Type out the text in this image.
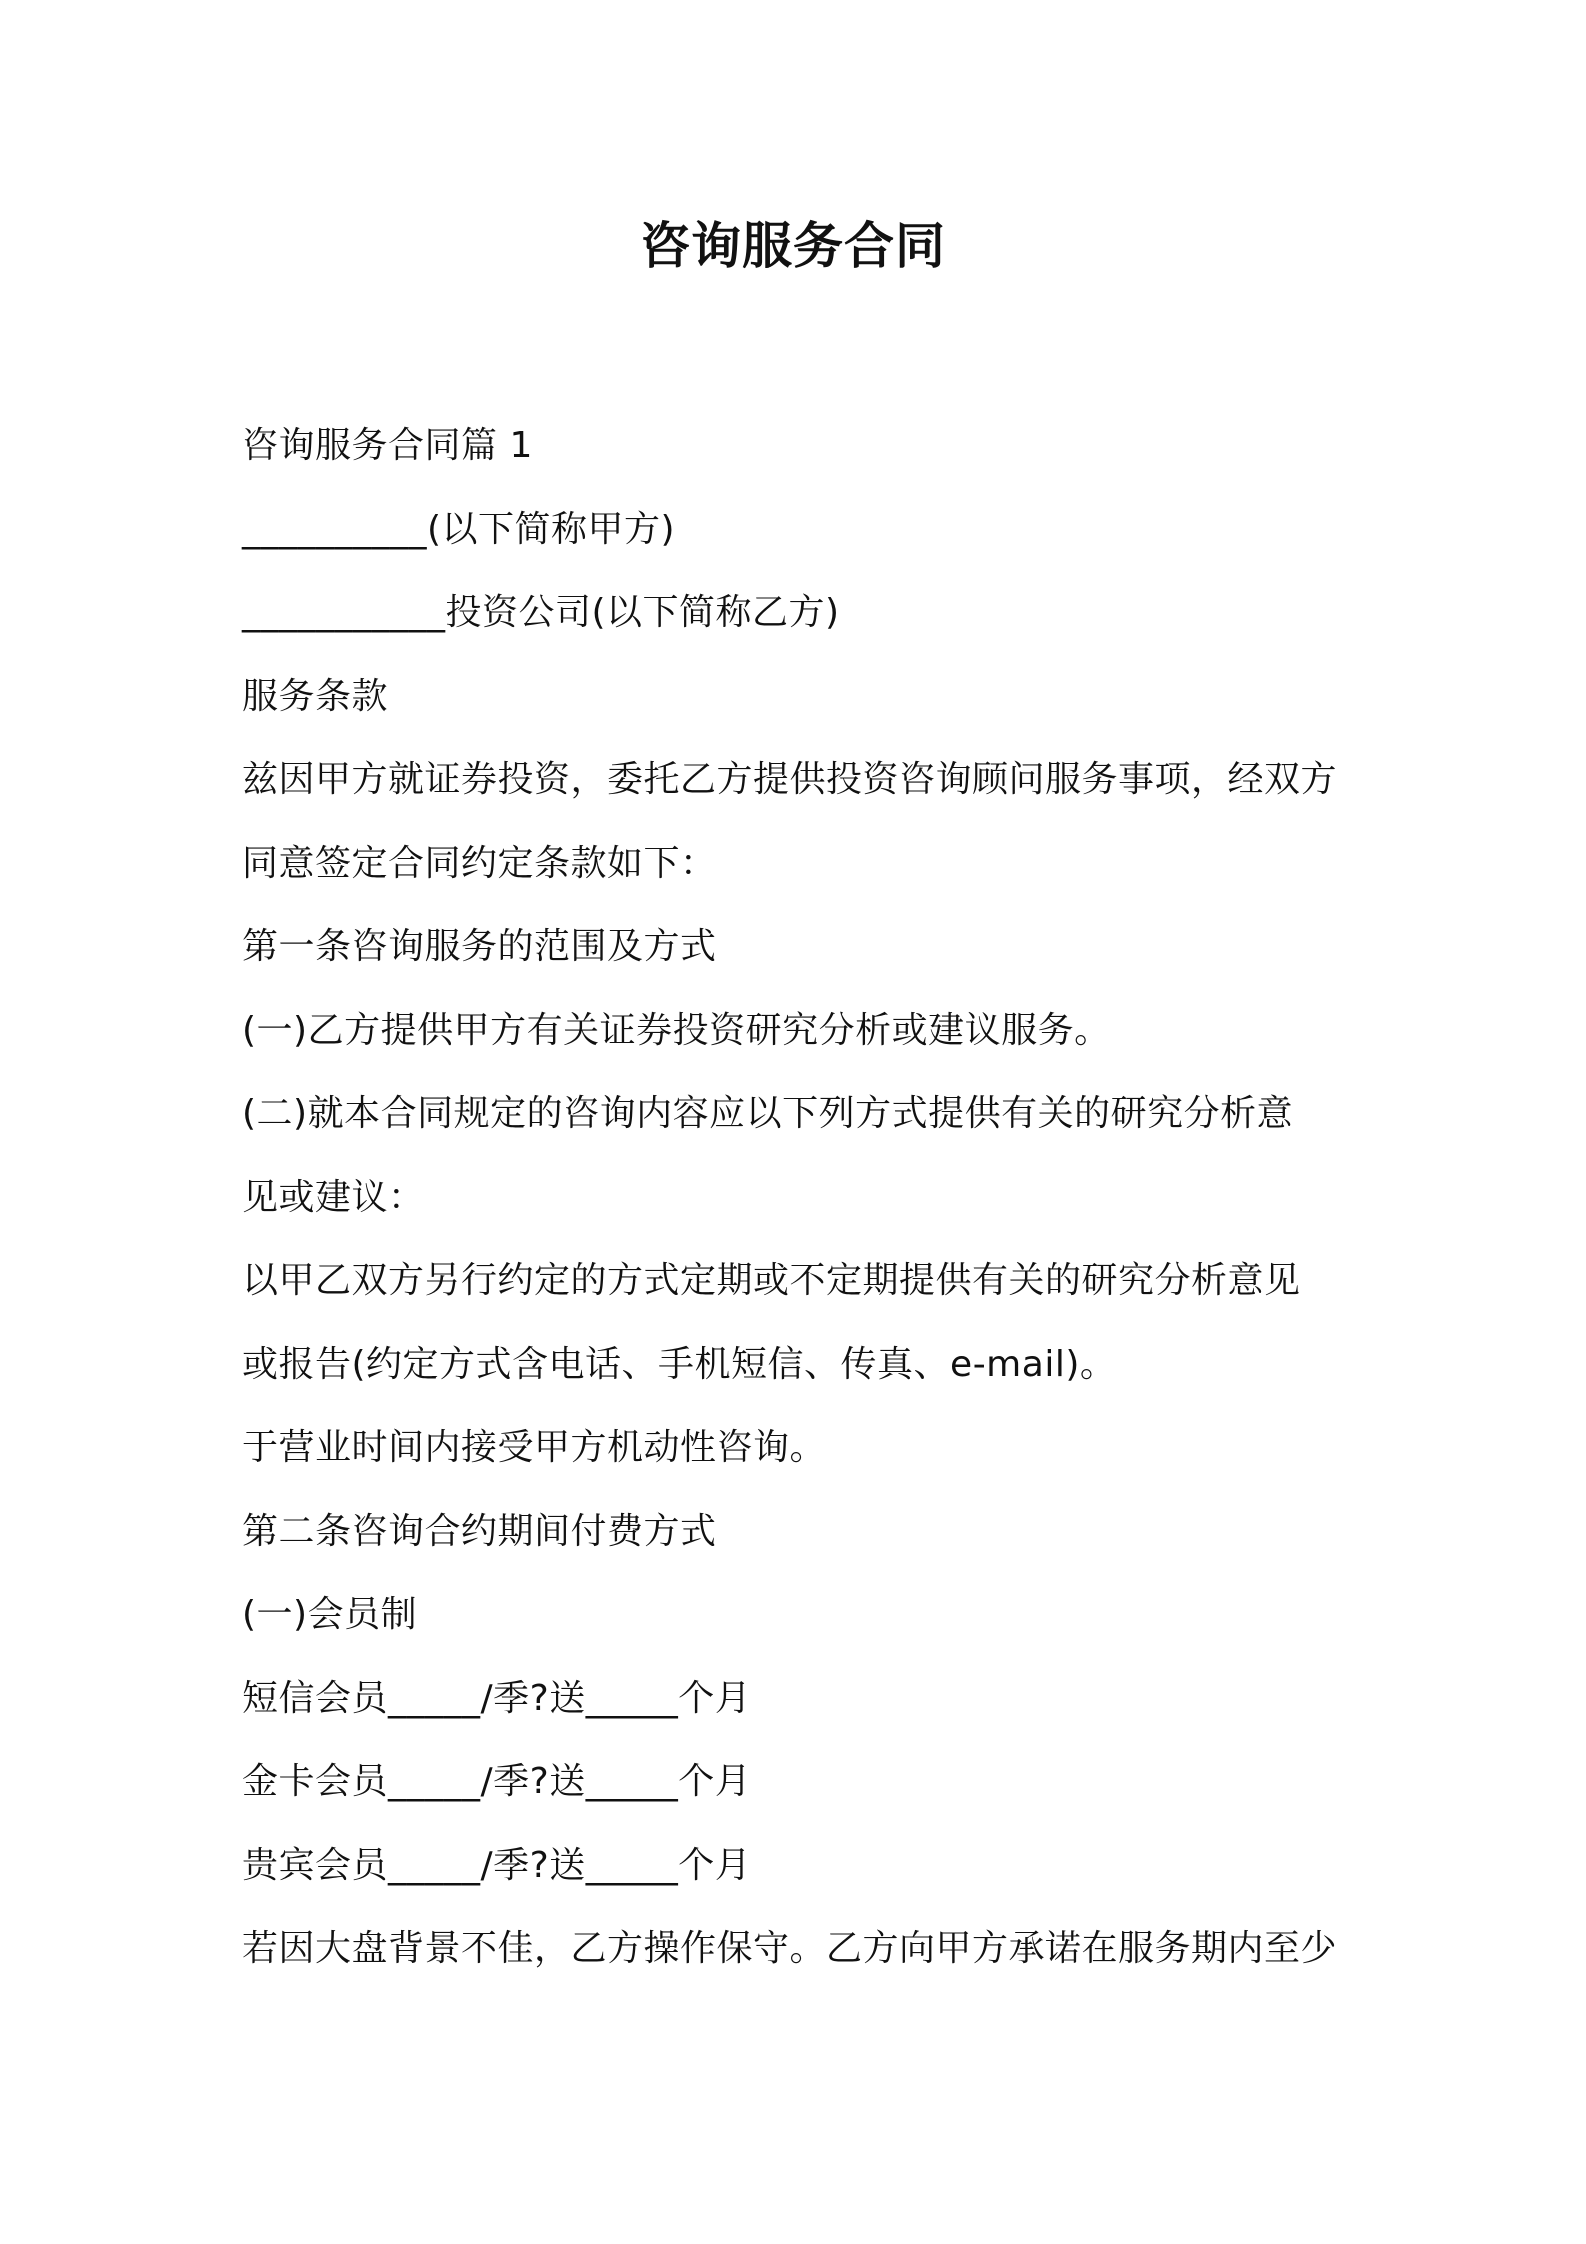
咨询服务合同
咨询服务合同篇 1
__________(以下简称甲方)
___________投资公司(以下简称乙方)
服务条款
兹因甲方就证券投资，委托乙方提供投资咨询顾问服务事项，经双方
同意签定合同约定条款如下：
第一条咨询服务的范围及方式
(一)乙方提供甲方有关证券投资研究分析或建议服务。
(二)就本合同规定的咨询内容应以下列方式提供有关的研究分析意
见或建议：
以甲乙双方另行约定的方式定期或不定期提供有关的研究分析意见
或报告(约定方式含电话、手机短信、传真、e-mail)。
于营业时间内接受甲方机动性咨询。
第二条咨询合约期间付费方式
(一)会员制
短信会员_____/季?送_____个月
金卡会员_____/季?送_____个月
贵宾会员_____/季?送_____个月
若因大盘背景不佳，乙方操作保守。乙方向甲方承诺在服务期内至少
